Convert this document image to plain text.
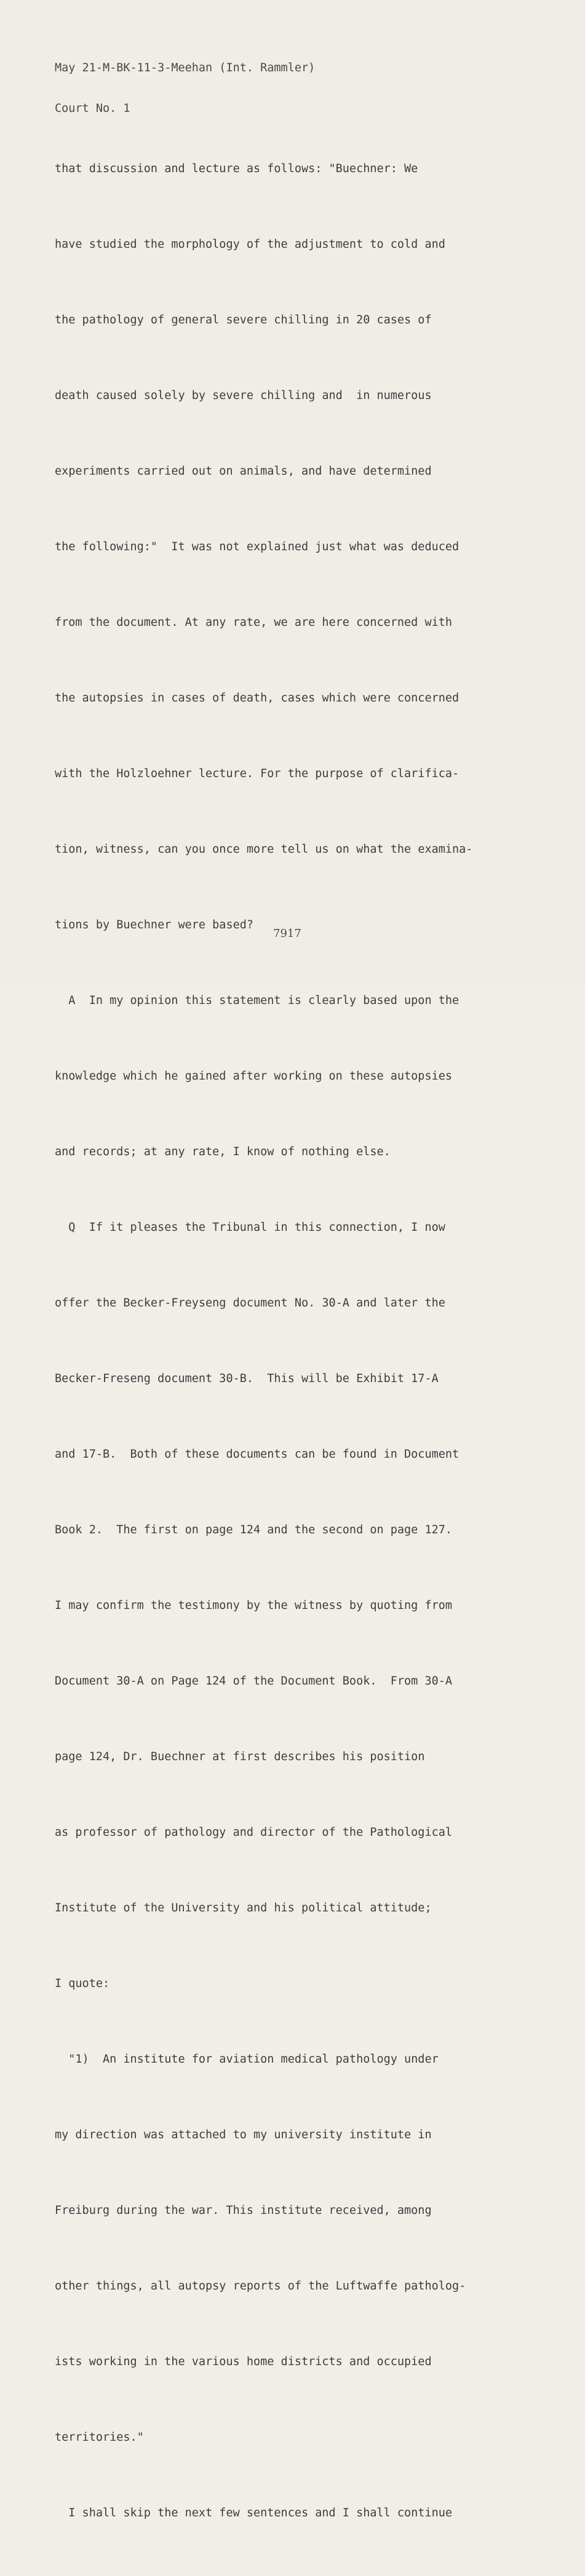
May 21-M-BK-11-3-Meehan (Int. Rammler)

Court No. 1

that discussion and lecture as follows: "Buechner: We

have studied the morphology of the adjustment to cold and

the pathology of general severe chilling in 20 cases of

death caused solely by severe chilling and  in numerous

experiments carried out on animals, and have determined

the following:"  It was not explained just what was deduced

from the document. At any rate, we are here concerned with

the autopsies in cases of death, cases which were concerned

with the Holzloehner lecture. For the purpose of clarifica-

tion, witness, can you once more tell us on what the examina-

tions by Buechner were based?

A  In my opinion this statement is clearly based upon the

knowledge which he gained after working on these autopsies

and records; at any rate, I know of nothing else.

Q  If it pleases the Tribunal in this connection, I now

offer the Becker-Freyseng document No. 30-A and later the

Becker-Freseng document 30-B.  This will be Exhibit 17-A

and 17-B.  Both of these documents can be found in Document

Book 2.  The first on page 124 and the second on page 127.

I may confirm the testimony by the witness by quoting from

Document 30-A on Page 124 of the Document Book.  From 30-A

page 124, Dr. Buechner at first describes his position

as professor of pathology and director of the Pathological

Institute of the University and his political attitude;

I quote:

"1)  An institute for aviation medical pathology under

my direction was attached to my university institute in

Freiburg during the war. This institute received, among

other things, all autopsy reports of the Luftwaffe patholog-

ists working in the various home districts and occupied

territories."

I shall skip the next few sentences and I shall continue

7917
